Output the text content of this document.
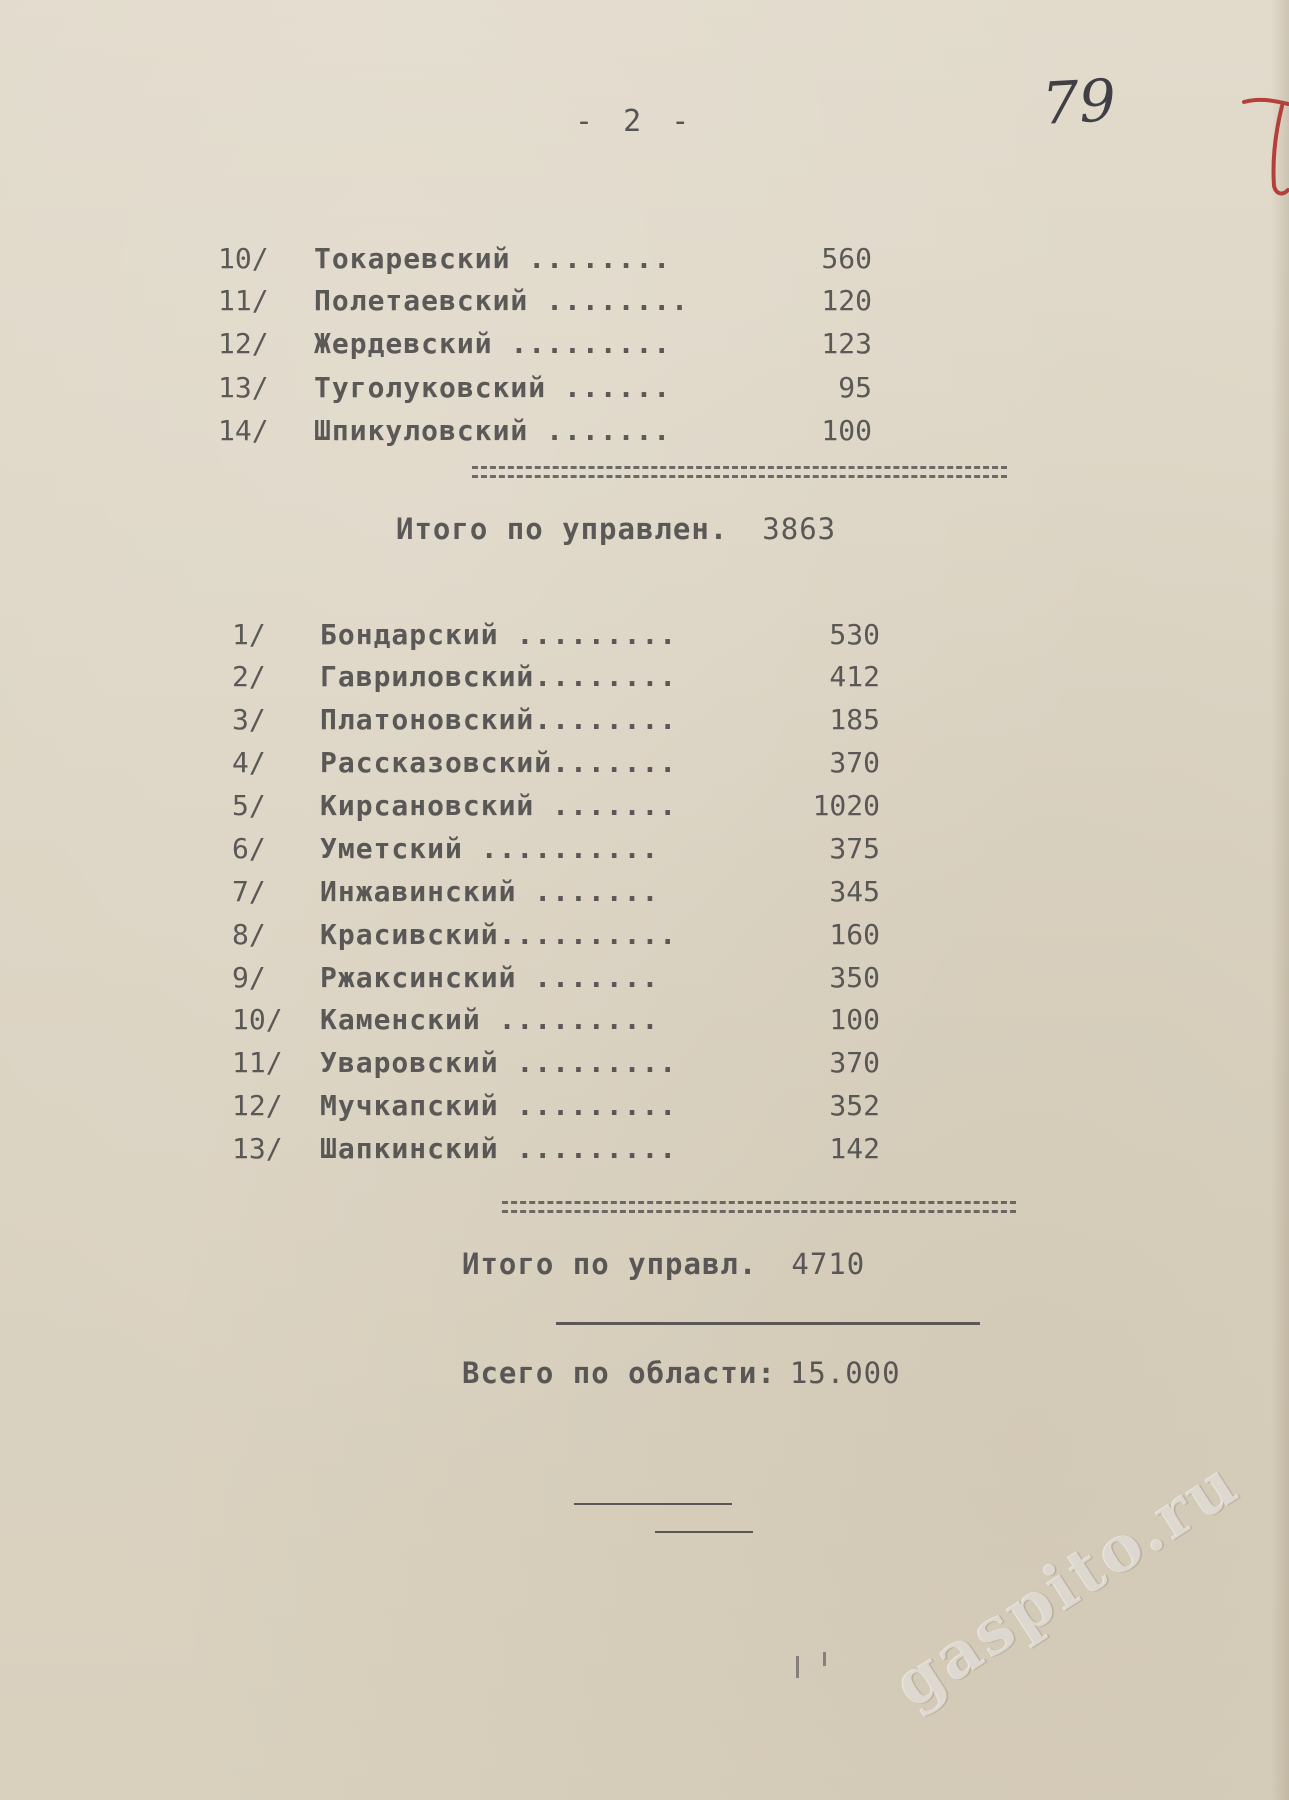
- 2 -	79
10/	Токаревский ........	560
11/	Полетаевский ........	120
12/	Жердевский .........	123
13/	Туголуковский ......	95
14/	Шпикуловский .......	100
Итого по управлен. 3863
1/	Бондарский .........	530
2/	Гавриловский........	412
3/	Платоновский........	185
4/	Рассказовский.......	370
5/	Кирсановский .......	1020
6/	Уметский ..........	375
7/	Инжавинский .......	345
8/	Красивский..........	160
9/	Ржаксинский .......	350
10/	Каменский .........	100
11/	Уваровский .........	370
12/	Мучкапский .........	352
13/	Шапкинский .........	142
Итого по управл. 4710
Всего по области: 15.000
gaspito.ru
